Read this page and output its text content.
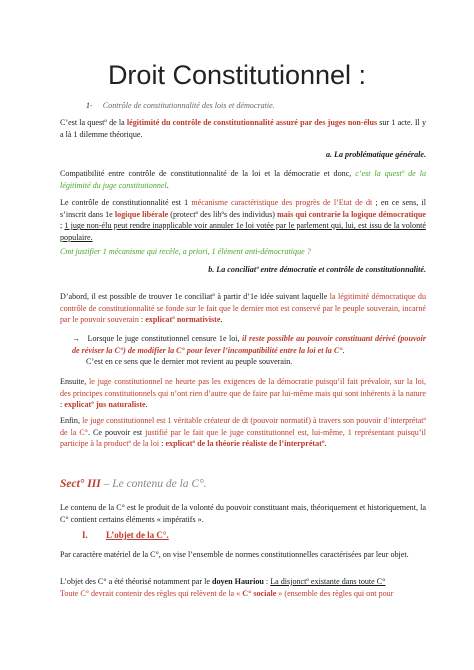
Droit Constitutionnel :
1- Contrôle de constitutionnalité des lois et démocratie.
C’est la questº de la légitimité du contrôle de constitutionnalité assuré par des juges non-élus sur 1 acte. Il y a là 1 dilemme théorique.
a. La problématique générale.
Compatibilité entre contrôle de constitutionnalité de la loi et la démocratie et donc, c’est la questº de la légitimité du juge constitutionnel.
Le contrôle de constitutionnalité est 1 mécanisme caractéristique des progrès de l’Etat de dt ; en ce sens, il s’inscrit dans 1e logique libérale (protectº des libºs des individus) mais qui contrarie la logique démocratique ; 1 juge non-élu peut rendre inapplicable voir annuler 1e loi votée par le parlement qui, lui, est issu de la volonté populaire.
Cmt justifier 1 mécanisme qui recèle, a priori, 1 élément anti-démocratique ?
b. La conciliatº entre démocratie et contrôle de constitutionnalité.
D’abord, il est possible de trouver 1e conciliatº à partir d’1e idée suivant laquelle la légitimité démocratique du contrôle de constitutionnalité se fonde sur le fait que le dernier mot est conservé par le peuple souverain, incarné par le pouvoir souverain : explicatº normativiste.
→ Lorsque le juge constitutionnel censure 1e loi, il reste possible au pouvoir constituant dérivé (pouvoir de réviser la C°) de modifier la C° pour lever l’incompatibilité entre la loi et la C°.
C’est en ce sens que le dernier mot revient au peuple souverain.
Ensuite, le juge constitutionnel ne heurte pas les exigences de la démocratie puisqu’il fait prévaloir, sur la loi, des principes constitutionnels qui n’ont rien d’autre que de faire par lui-même mais qui sont inhérents à la nature : explicatº jus naturaliste.
Enfin, le juge constitutionnel est 1 véritable créateur de dt (pouvoir normatif) à travers son pouvoir d’interprétatº de la C°. Ce pouvoir est justifié par le fait que le juge constitutionnel est, lui-même, 1 représentant puisqu’il participe à la productº de la loi : explicatº de la théorie réaliste de l’interprétatº.
Sect° III – Le contenu de la C°.
Le contenu de la C° est le produit de la volonté du pouvoir constituant mais, théoriquement et historiquement, la C° contient certains éléments « impératifs ».
I. L’objet de la C°.
Par caractère matériel de la C°, on vise l’ensemble de normes constitutionnelles caractérisées par leur objet.
L’objet des C° a été théorisé notamment par le doyen Hauriou : La disjonctº existante dans toute C°
Toute C° devrait contenir des règles qui relèvent de la « C° sociale » (ensemble des règles qui ont pour
